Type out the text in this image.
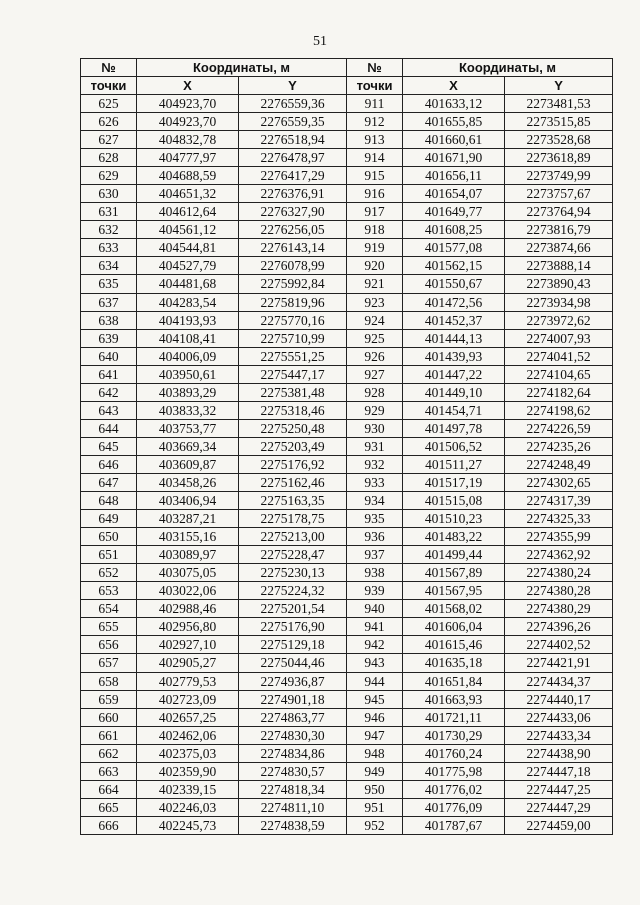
51
№	Координаты, м		№	Координаты, м	
точки	X	Y	точки	X	Y
625	404923,70	2276559,36	911	401633,12	2273481,53
626	404923,70	2276559,35	912	401655,85	2273515,85
627	404832,78	2276518,94	913	401660,61	2273528,68
628	404777,97	2276478,97	914	401671,90	2273618,89
629	404688,59	2276417,29	915	401656,11	2273749,99
630	404651,32	2276376,91	916	401654,07	2273757,67
631	404612,64	2276327,90	917	401649,77	2273764,94
632	404561,12	2276256,05	918	401608,25	2273816,79
633	404544,81	2276143,14	919	401577,08	2273874,66
634	404527,79	2276078,99	920	401562,15	2273888,14
635	404481,68	2275992,84	921	401550,67	2273890,43
637	404283,54	2275819,96	923	401472,56	2273934,98
638	404193,93	2275770,16	924	401452,37	2273972,62
639	404108,41	2275710,99	925	401444,13	2274007,93
640	404006,09	2275551,25	926	401439,93	2274041,52
641	403950,61	2275447,17	927	401447,22	2274104,65
642	403893,29	2275381,48	928	401449,10	2274182,64
643	403833,32	2275318,46	929	401454,71	2274198,62
644	403753,77	2275250,48	930	401497,78	2274226,59
645	403669,34	2275203,49	931	401506,52	2274235,26
646	403609,87	2275176,92	932	401511,27	2274248,49
647	403458,26	2275162,46	933	401517,19	2274302,65
648	403406,94	2275163,35	934	401515,08	2274317,39
649	403287,21	2275178,75	935	401510,23	2274325,33
650	403155,16	2275213,00	936	401483,22	2274355,99
651	403089,97	2275228,47	937	401499,44	2274362,92
652	403075,05	2275230,13	938	401567,89	2274380,24
653	403022,06	2275224,32	939	401567,95	2274380,28
654	402988,46	2275201,54	940	401568,02	2274380,29
655	402956,80	2275176,90	941	401606,04	2274396,26
656	402927,10	2275129,18	942	401615,46	2274402,52
657	402905,27	2275044,46	943	401635,18	2274421,91
658	402779,53	2274936,87	944	401651,84	2274434,37
659	402723,09	2274901,18	945	401663,93	2274440,17
660	402657,25	2274863,77	946	401721,11	2274433,06
661	402462,06	2274830,30	947	401730,29	2274433,34
662	402375,03	2274834,86	948	401760,24	2274438,90
663	402359,90	2274830,57	949	401775,98	2274447,18
664	402339,15	2274818,34	950	401776,02	2274447,25
665	402246,03	2274811,10	951	401776,09	2274447,29
666	402245,73	2274838,59	952	401787,67	2274459,00
